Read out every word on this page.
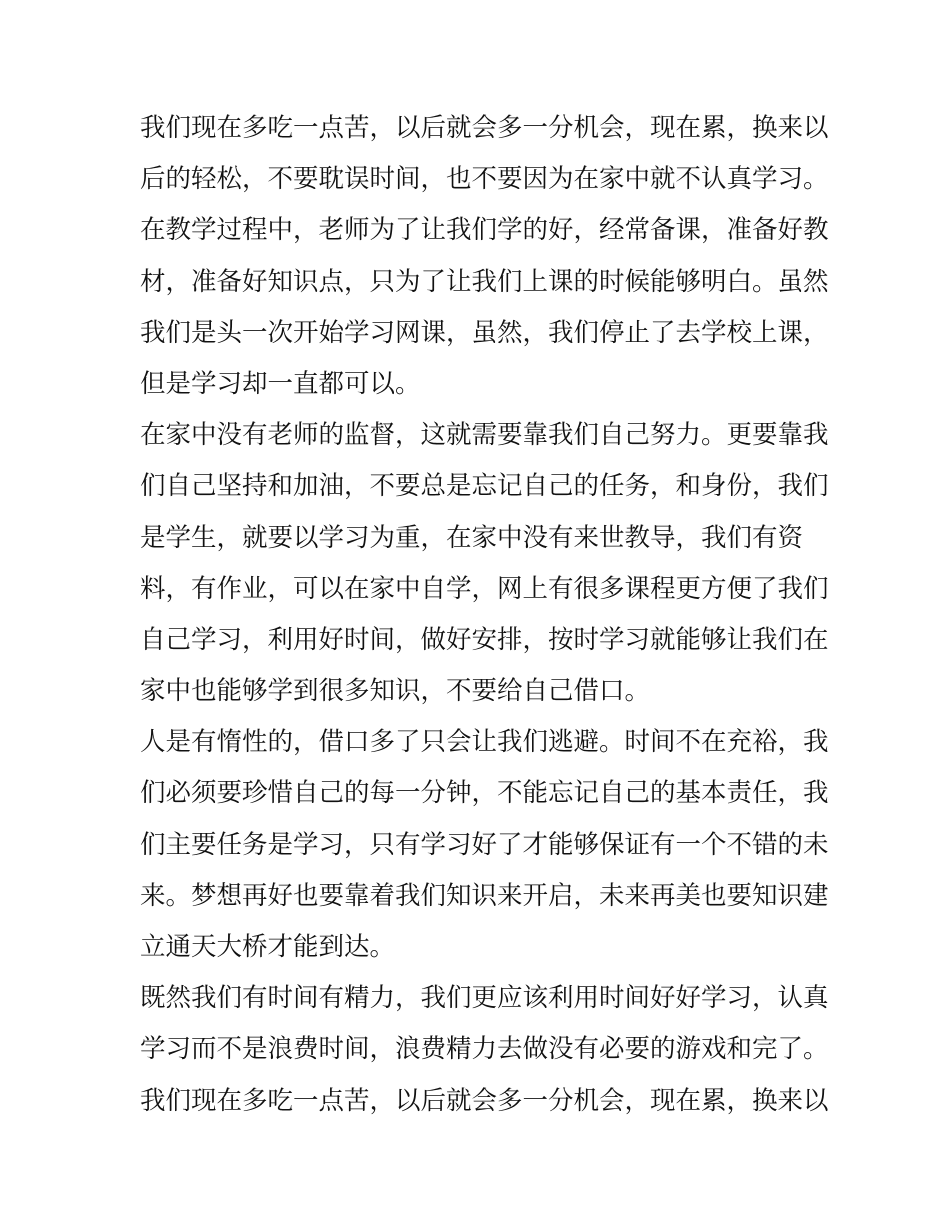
我们现在多吃一点苦，以后就会多一分机会，现在累，换来以
后的轻松，不要耽误时间，也不要因为在家中就不认真学习。
在教学过程中，老师为了让我们学的好，经常备课，准备好教
材，准备好知识点，只为了让我们上课的时候能够明白。虽然
我们是头一次开始学习网课，虽然，我们停止了去学校上课，
但是学习却一直都可以。
在家中没有老师的监督，这就需要靠我们自己努力。更要靠我
们自己坚持和加油，不要总是忘记自己的任务，和身份，我们
是学生，就要以学习为重，在家中没有来世教导，我们有资
料，有作业，可以在家中自学，网上有很多课程更方便了我们
自己学习，利用好时间，做好安排，按时学习就能够让我们在
家中也能够学到很多知识，不要给自己借口。
人是有惰性的，借口多了只会让我们逃避。时间不在充裕，我
们必须要珍惜自己的每一分钟，不能忘记自己的基本责任，我
们主要任务是学习，只有学习好了才能够保证有一个不错的未
来。梦想再好也要靠着我们知识来开启，未来再美也要知识建
立通天大桥才能到达。
既然我们有时间有精力，我们更应该利用时间好好学习，认真
学习而不是浪费时间，浪费精力去做没有必要的游戏和完了。
我们现在多吃一点苦，以后就会多一分机会，现在累，换来以
